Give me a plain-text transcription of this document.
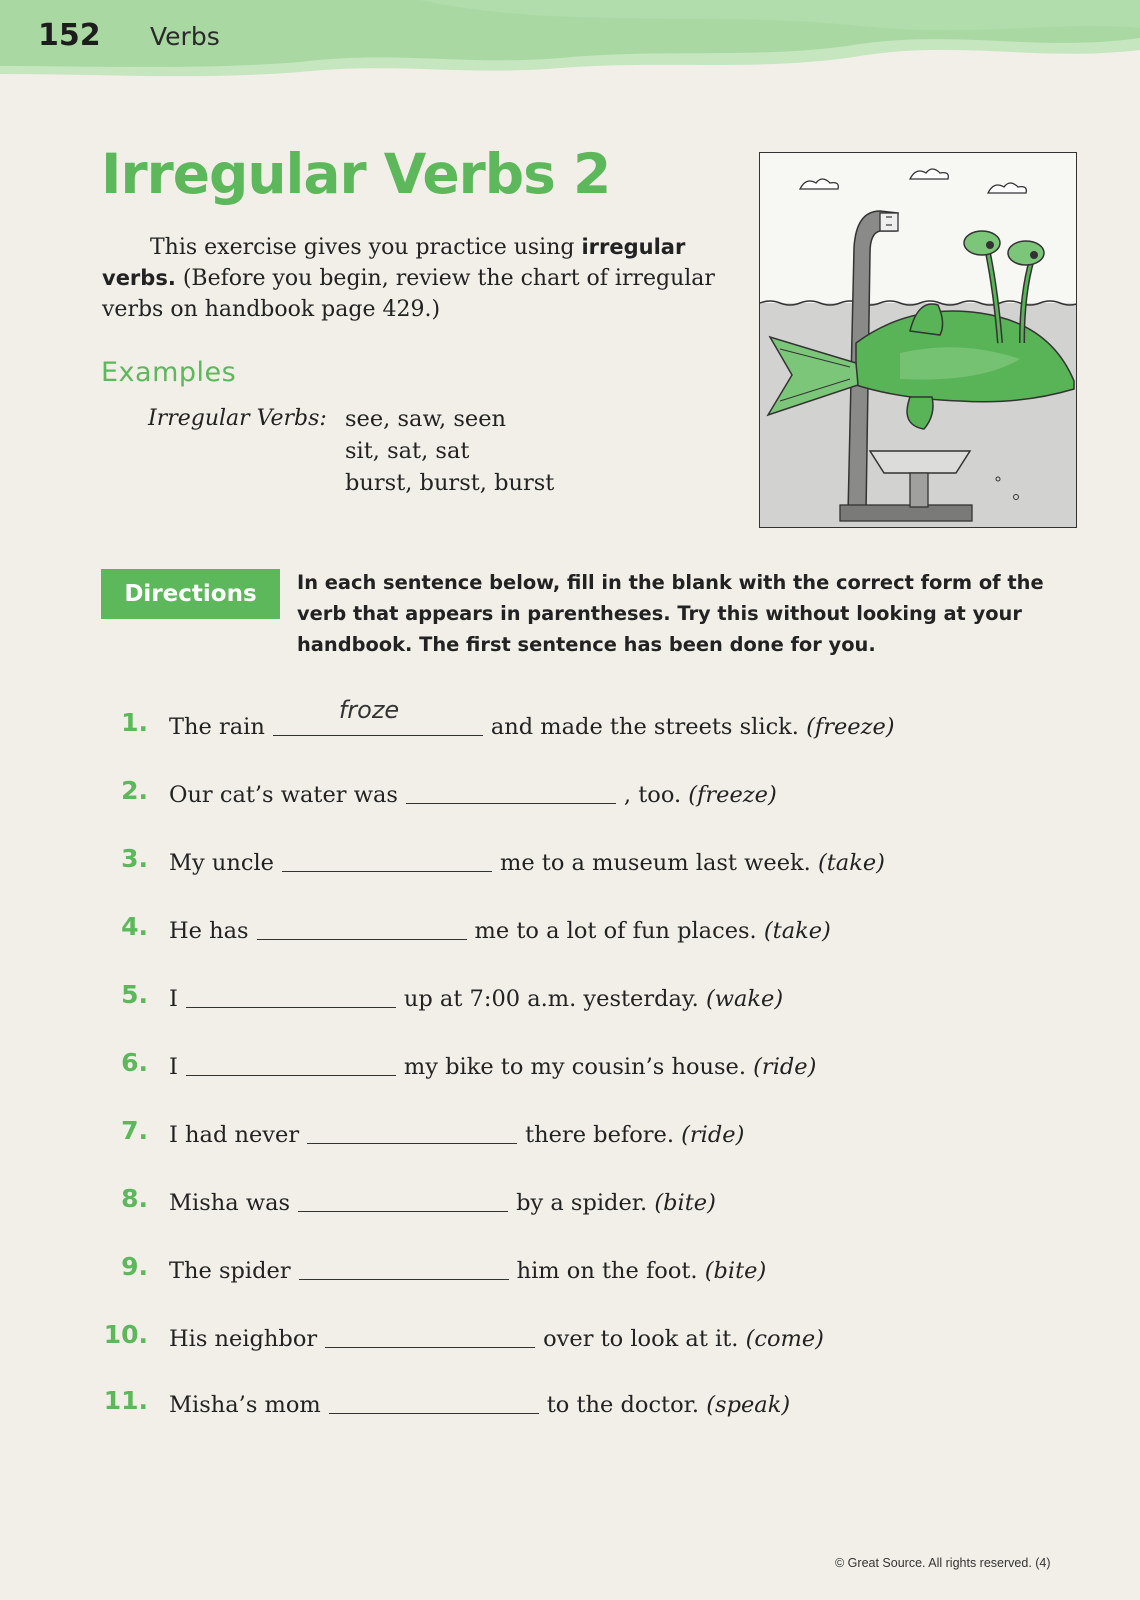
152 Verbs
Irregular Verbs 2
This exercise gives you practice using irregular verbs. (Before you begin, review the chart of irregular verbs on handbook page 429.)
Examples
Irregular Verbs: see, saw, seen
sit, sat, sat
burst, burst, burst
Directions	In each sentence below, fill in the blank with the correct form of the verb that appears in parentheses. Try this without looking at your handbook. The first sentence has been done for you.

1. The rain
froze
and made the streets slick. (freeze)
2. Our cat’s water was	, too. (freeze)
3. My uncle	me to a museum last week. (take)
4. He has	me to a lot of fun places. (take)
5. I	up at 7:00 a.m. yesterday. (wake)
6. I	my bike to my cousin’s house. (ride)
7. I had never	there before. (ride)
8. Misha was	by a spider. (bite)
9. The spider	him on the foot. (bite)
10. His neighbor	over to look at it. (come)
11. Misha’s mom	to the doctor. (speak)
© Great Source. All rights reserved. (4)
